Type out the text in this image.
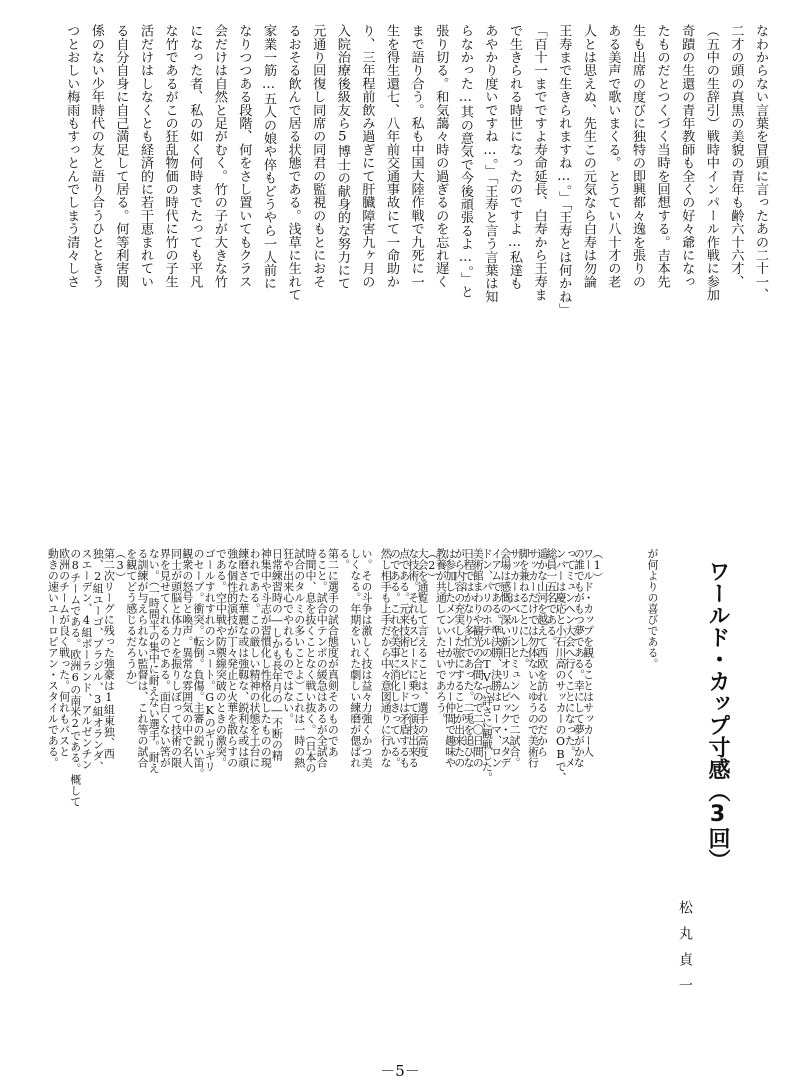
なわからない言葉を冒頭に言ったあの二十一、
二才の頭の真黒の美貌の青年も齢六十六才、
（五中の生辞引）戦時中インパール作戦に参加
奇蹟の生還の青年教師も全くの好々爺になっ
たものだとつくづく当時を回想する。吉本先
生も出席の度びに独特の即興都々逸を張りの
ある美声で歌いまくる。とうてい八十才の老
人とは思えぬ、先生この元気なら白寿は勿論
王寿まで生きられますね…。」「王寿とは何かね」
「百十一までですよ寿命延長、白寿から王寿ま
で生きられる時世になったのですよ…私達も
あやかり度いですね…。」「王寿と言う言葉は知
らなかった…其の意気で今後頑張るよ…。」と
張り切る。和気藹々時の過ぎるのを忘れ遅く
まで語り合う。私も中国大陸作戦で九死に一
生を得生還七、八年前交通事故にて一命助か
り、三年程前飲み過ぎにて肝臓障害九ヶ月の
入院治療後級友ら5博士の献身的な努力にて
元通り回復し同席の同君の監視のもとにおそ
るおそる飲んで居る状態である。浅草に生れて
家業一筋…五人の娘や倅もどうやら一人前に
なりつつある段階、何をさし置いてもクラス
会だけは自然と足がむく。竹の子が大きな竹
になった者、私の如く何時までたっても平凡
な竹であるがこの狂乱物価の時代に竹の子生
活だけはしなくとも経済的に若干恵まれてい
る自分自身に自己満足して居る。何等利害関
係のない少年時代の友と語り合うひとときう
つとおしい梅雨もすっとんでしまう清々しさ
が何よりの喜びである。
（1）
ワールド・カップを観ることはサッカー人
の誰でもがもつ夢である。幸にして夢がかな
ってミュンヘン大会へ行くことになった。メ
ンバーは慶応と小石川高のサッカーのOBで、
総員一五名である。
遥かな山河を越えて西欧を訪れるのだから
サッカーだけでは勿体ないとゆうので美術行
脚を兼ねることにした。
サッカーはベルリンとミュンヘンで二試合。
会場は感慨の深い新旧オリムピック・スタデ
イアムである。準決勝、決勝はローマ、ロン
ドン、パリのホテルのTVで詳さに観戦した。
美術館まわりや観光の合間なので二〇日間の
日程ではかなり多忙であった。二兎を追ひな
がら内容の充実した旅にすることが出来たの
は参加したメンバーがサッカー仲間で趣味や
教養が共通していたせいであろう。
（2）
大会を通覧して言えることは、選手の高度
な技術。それもスピードに乗って演技出来る
点である。元来技術とスピードは矛盾するも
のである。これを美事に消化しきっている。
然し相手も上手だから中々意図通りに行かな
い。その斗争は激しく技は益々力強くかつ美
しくなる。年期をいれた劇しい練磨が偲ばれ
る。
第二に選手の試合態度が真剣そのものであ
ること。試合中テンポの緩急はあるが全試合
時間中、息を抜くことなく戦い抜く。（日本の
試合のタルミの多いことよ）これは一時の熱
狂や出来心でやれるものではない。
日常練習時の―しかも長年月の―不断の精
神集中や斗志が習慣化し性格化したものの現
われである。この厳しい精神の状態を土台に
練磨された華麗な或は強靱な、鋭利な或は頑
強な個性的演技が丁々発止と火華を散らすの
である。空中戦や防禦線突破のときの激突。
ゴールすれすれのシュート。GKのギリギリ
のセーブ。衝突。転倒。負傷。主審の鋭い笛。
観衆の怒号と喚声。異常な雰囲気の中で名人
同士が頭脳と体力とを振りしぼって技術の限
界を見せてくれるのである。面白くない筈が
ない。（一時間半の集中に耐えない選手。耐え
る訓練が与えられない監督は、これ等の試合
を観てどう感じるだろうか）
（3）
第二次リーグに残った強豪は1組東独、西
独、2組ユーゴ、ブラジル、3組オランダ、
スエーデン、4組ポーランド、アルゼンチン
の8チームである。欧洲6の南米2である。概して
欧洲のチームが良く戦った。何れもパスと
動きの速いユーロピアン・スタイルである。	ワールド・カップ寸感（3回）
松丸貞一
－5－
